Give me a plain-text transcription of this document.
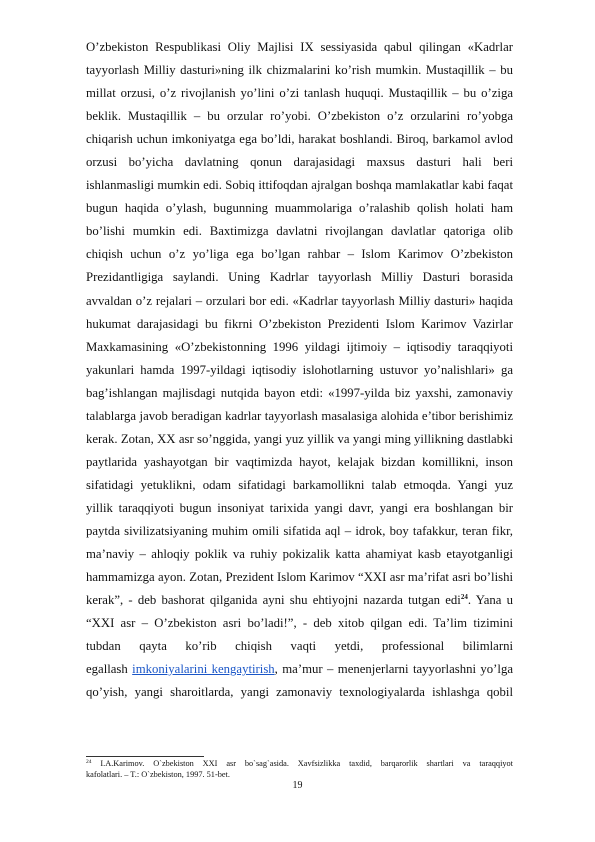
O’zbekiston Respublikasi Oliy Majlisi IX sessiyasida qabul qilingan «Kadrlar
tayyorlash Milliy dasturi»ning ilk chizmalarini ko’rish mumkin. Mustaqillik – bu
millat orzusi, o’z rivojlanish yo’lini o’zi tanlash huquqi. Mustaqillik – bu o’ziga
beklik. Mustaqillik – bu orzular ro’yobi. O’zbekiston o’z orzularini ro’yobga
chiqarish uchun imkoniyatga ega bo’ldi, harakat boshlandi. Biroq, barkamol avlod
orzusi bo’yicha davlatning qonun darajasidagi maxsus dasturi hali beri
ishlanmasligi mumkin edi. Sobiq ittifoqdan ajralgan boshqa mamlakatlar kabi faqat
bugun haqida o’ylash, bugunning muammolariga o’ralashib qolish holati ham
bo’lishi mumkin edi. Baxtimizga davlatni rivojlangan davlatlar qatoriga olib
chiqish uchun o’z yo’liga ega bo’lgan rahbar – Islom Karimov O’zbekiston
Prezidantligiga saylandi. Uning Kadrlar tayyorlash Milliy Dasturi borasida
avvaldan o’z rejalari – orzulari bor edi. «Kadrlar tayyorlash Milliy dasturi» haqida
hukumat darajasidagi bu fikrni O’zbekiston Prezidenti Islom Karimov Vazirlar
Maxkamasining «O’zbekistonning 1996 yildagi ijtimoiy – iqtisodiy taraqqiyoti
yakunlari hamda 1997-yildagi iqtisodiy islohotlarning ustuvor yo’nalishlari» ga
bag’ishlangan majlisdagi nutqida bayon etdi: «1997-yilda biz yaxshi, zamonaviy
talablarga javob beradigan kadrlar tayyorlash masalasiga alohida e’tibor berishimiz
kerak. Zotan, XX asr so’nggida, yangi yuz yillik va yangi ming yillikning dastlabki
paytlarida yashayotgan bir vaqtimizda hayot, kelajak bizdan komillikni, inson
sifatidagi yetuklikni, odam sifatidagi barkamollikni talab etmoqda. Yangi yuz
yillik taraqqiyoti bugun insoniyat tarixida yangi davr, yangi era boshlangan bir
paytda sivilizatsiyaning muhim omili sifatida aql – idrok, boy tafakkur, teran fikr,
ma’naviy – ahloqiy poklik va ruhiy pokizalik katta ahamiyat kasb etayotganligi
hammamizga ayon. Zotan, Prezident Islom Karimov “XXI asr ma’rifat asri bo’lishi
kerak”, - deb bashorat qilganida ayni shu ehtiyojni nazarda tutgan edi$^{24}$. Yana u
“XXI asr – O’zbekiston asri bo’ladi!”, - deb xitob qilgan edi. Ta’lim tizimini
tubdan qayta ko’rib chiqish vaqti yetdi, professional bilimlarni
egallash imkoniyalarini kengaytirish, ma’mur – menenjerlarni tayyorlashni yo’lga
qo’yish, yangi sharoitlarda, yangi zamonaviy texnologiyalarda ishlashga qobil
$^{24}$ I.A.Karimov. O`zbekiston XXI asr bo`sag`asida. Xavfsizlikka taxdid, barqarorlik shartlari va taraqqiyot
kafolatlari. – T.: O`zbekiston, 1997. 51-bet.
19
